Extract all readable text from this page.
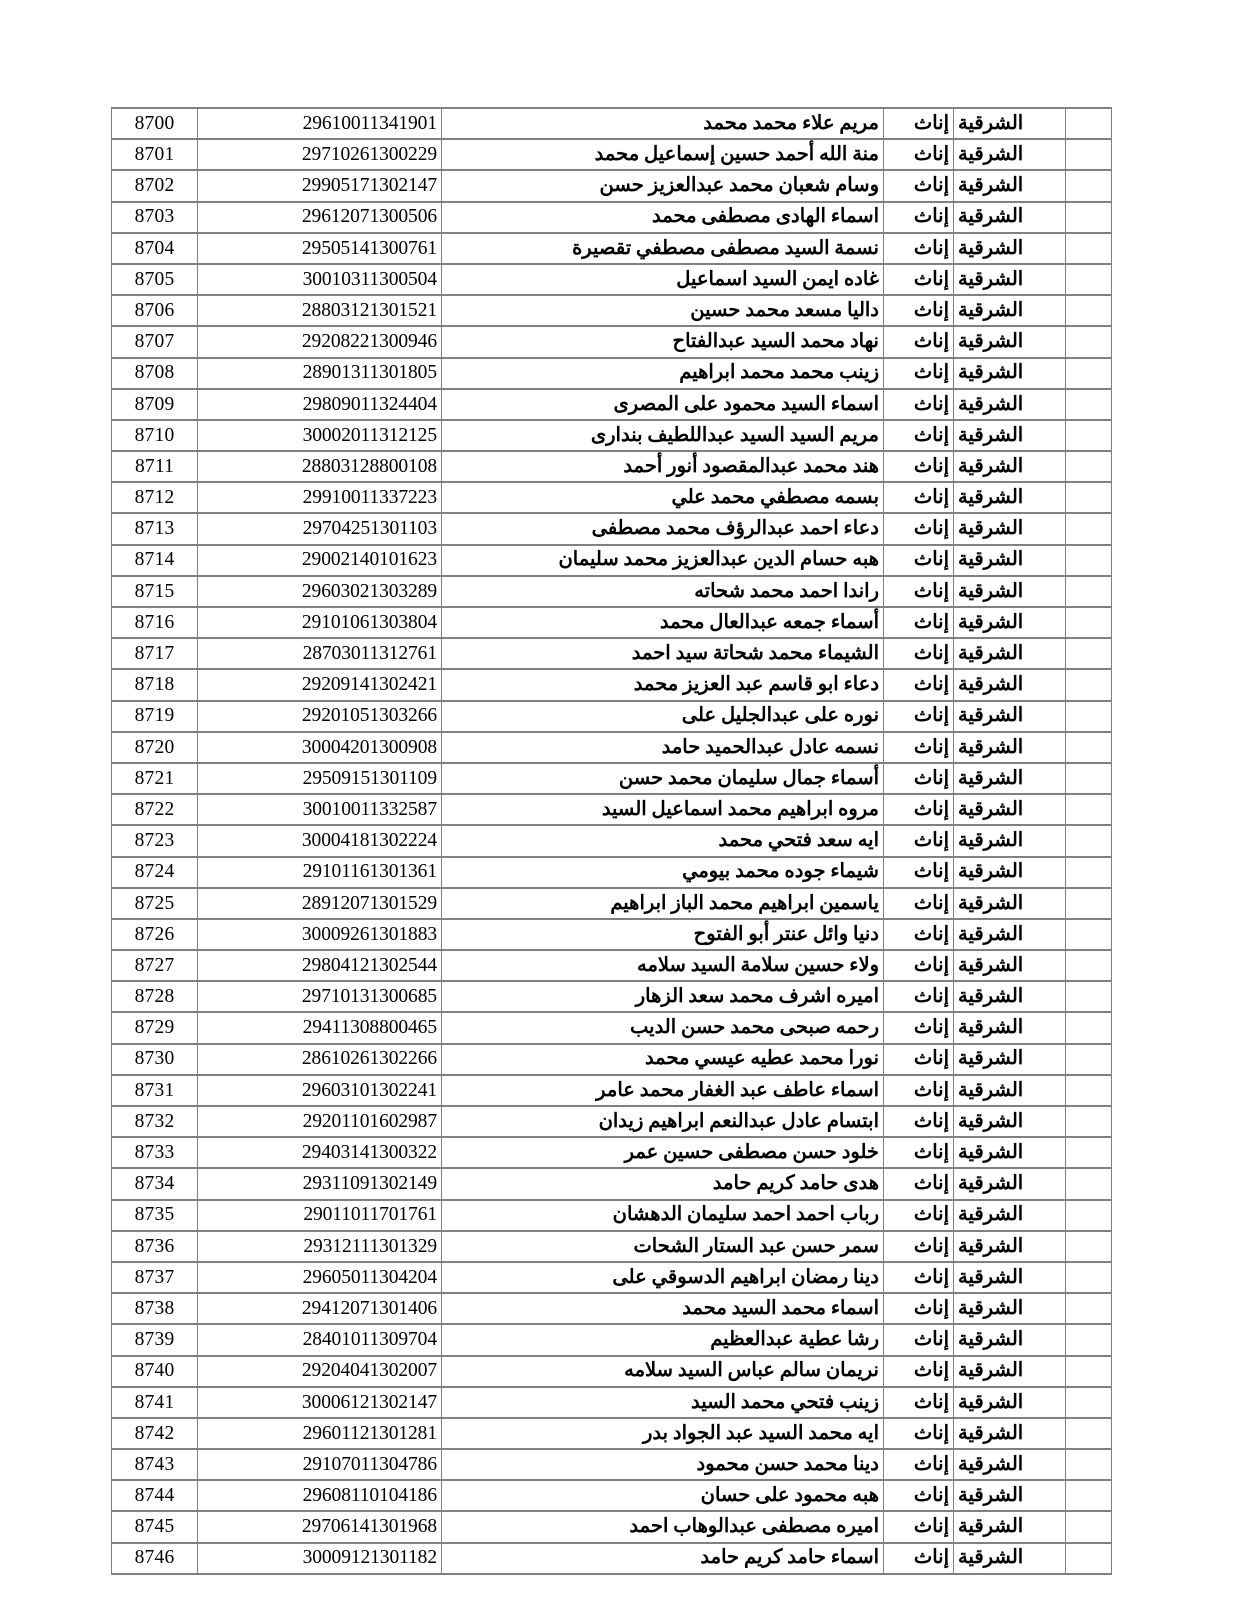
	الشرقية	إناث	مريم علاء محمد محمد	29610011341901	8700
	الشرقية	إناث	منة الله أحمد حسين إسماعيل محمد	29710261300229	8701
	الشرقية	إناث	وسام شعبان محمد عبدالعزيز حسن	29905171302147	8702
	الشرقية	إناث	اسماء الهادى مصطفى محمد	29612071300506	8703
	الشرقية	إناث	نسمة السيد مصطفى مصطفي تقصيرة	29505141300761	8704
	الشرقية	إناث	غاده ايمن السيد اسماعيل	30010311300504	8705
	الشرقية	إناث	داليا مسعد محمد حسين	28803121301521	8706
	الشرقية	إناث	نهاد محمد السيد عبدالفتاح	29208221300946	8707
	الشرقية	إناث	زينب محمد محمد ابراهيم	28901311301805	8708
	الشرقية	إناث	اسماء السيد محمود على المصرى	29809011324404	8709
	الشرقية	إناث	مريم السيد السيد عبداللطيف بندارى	30002011312125	8710
	الشرقية	إناث	هند محمد عبدالمقصود أنور أحمد	28803128800108	8711
	الشرقية	إناث	بسمه مصطفي محمد علي	29910011337223	8712
	الشرقية	إناث	دعاء احمد عبدالرؤف محمد مصطفى	29704251301103	8713
	الشرقية	إناث	هبه حسام الدين عبدالعزيز محمد سليمان	29002140101623	8714
	الشرقية	إناث	راندا احمد محمد شحاته	29603021303289	8715
	الشرقية	إناث	أسماء جمعه عبدالعال محمد	29101061303804	8716
	الشرقية	إناث	الشيماء محمد شحاتة سيد احمد	28703011312761	8717
	الشرقية	إناث	دعاء ابو قاسم عبد العزيز محمد	29209141302421	8718
	الشرقية	إناث	نوره على عبدالجليل على	29201051303266	8719
	الشرقية	إناث	نسمه عادل عبدالحميد حامد	30004201300908	8720
	الشرقية	إناث	أسماء جمال سليمان محمد حسن	29509151301109	8721
	الشرقية	إناث	مروه ابراهيم محمد اسماعيل السيد	30010011332587	8722
	الشرقية	إناث	ايه سعد فتحي محمد	30004181302224	8723
	الشرقية	إناث	شيماء جوده محمد بيومي	29101161301361	8724
	الشرقية	إناث	ياسمين ابراهيم محمد الباز ابراهيم	28912071301529	8725
	الشرقية	إناث	دنيا وائل عنتر أبو الفتوح	30009261301883	8726
	الشرقية	إناث	ولاء حسين سلامة السيد سلامه	29804121302544	8727
	الشرقية	إناث	اميره اشرف محمد سعد الزهار	29710131300685	8728
	الشرقية	إناث	رحمه صبحى محمد حسن الديب	29411308800465	8729
	الشرقية	إناث	نورا محمد عطيه عيسي محمد	28610261302266	8730
	الشرقية	إناث	اسماء عاطف عبد الغفار محمد عامر	29603101302241	8731
	الشرقية	إناث	ابتسام عادل عبدالنعم ابراهيم زيدان	29201101602987	8732
	الشرقية	إناث	خلود حسن مصطفى حسين عمر	29403141300322	8733
	الشرقية	إناث	هدى حامد كريم حامد	29311091302149	8734
	الشرقية	إناث	رباب احمد احمد سليمان الدهشان	29011011701761	8735
	الشرقية	إناث	سمر حسن عبد الستار الشحات	29312111301329	8736
	الشرقية	إناث	دينا رمضان ابراهيم الدسوقي على	29605011304204	8737
	الشرقية	إناث	اسماء محمد السيد محمد	29412071301406	8738
	الشرقية	إناث	رشا عطية عبدالعظيم	28401011309704	8739
	الشرقية	إناث	نريمان سالم عباس السيد سلامه	29204041302007	8740
	الشرقية	إناث	زينب فتحي محمد السيد	30006121302147	8741
	الشرقية	إناث	ايه محمد السيد عبد الجواد بدر	29601121301281	8742
	الشرقية	إناث	دينا محمد حسن محمود	29107011304786	8743
	الشرقية	إناث	هبه محمود على حسان	29608110104186	8744
	الشرقية	إناث	اميره مصطفى عبدالوهاب احمد	29706141301968	8745
	الشرقية	إناث	اسماء حامد كريم حامد	30009121301182	8746
